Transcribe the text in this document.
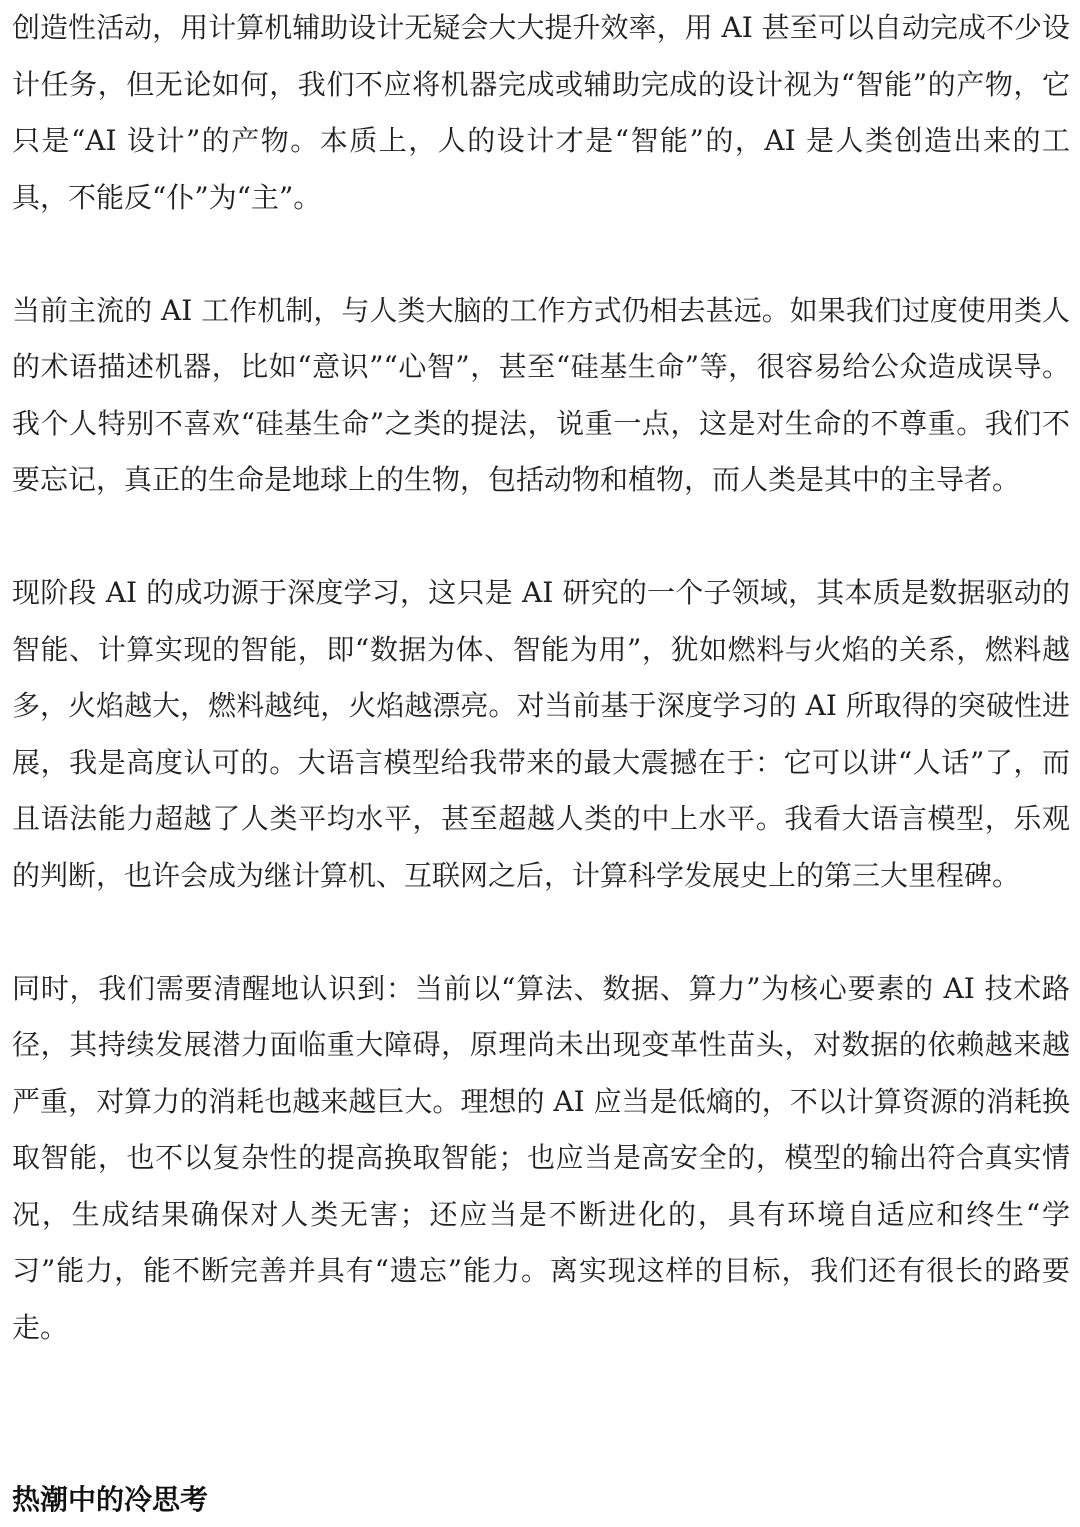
创造性活动，用计算机辅助设计无疑会大大提升效率，用 AI 甚至可以自动完成不少设计任务，但无论如何，我们不应将机器完成或辅助完成的设计视为“智能”的产物，它只是“AI 设计”的产物。本质上，人的设计才是“智能”的，AI 是人类创造出来的工具，不能反“仆”为“主”。

当前主流的 AI 工作机制，与人类大脑的工作方式仍相去甚远。如果我们过度使用类人的术语描述机器，比如“意识”“心智”，甚至“硅基生命”等，很容易给公众造成误导。我个人特别不喜欢“硅基生命”之类的提法，说重一点，这是对生命的不尊重。我们不要忘记，真正的生命是地球上的生物，包括动物和植物，而人类是其中的主导者。

现阶段 AI 的成功源于深度学习，这只是 AI 研究的一个子领域，其本质是数据驱动的智能、计算实现的智能，即“数据为体、智能为用”，犹如燃料与火焰的关系，燃料越多，火焰越大，燃料越纯，火焰越漂亮。对当前基于深度学习的 AI 所取得的突破性进展，我是高度认可的。大语言模型给我带来的最大震撼在于：它可以讲“人话”了，而且语法能力超越了人类平均水平，甚至超越人类的中上水平。我看大语言模型，乐观的判断，也许会成为继计算机、互联网之后，计算科学发展史上的第三大里程碑。

同时，我们需要清醒地认识到：当前以“算法、数据、算力”为核心要素的 AI 技术路径，其持续发展潜力面临重大障碍，原理尚未出现变革性苗头，对数据的依赖越来越严重，对算力的消耗也越来越巨大。理想的 AI 应当是低熵的，不以计算资源的消耗换取智能，也不以复杂性的提高换取智能；也应当是高安全的，模型的输出符合真实情况，生成结果确保对人类无害；还应当是不断进化的，具有环境自适应和终生“学习”能力，能不断完善并具有“遗忘”能力。离实现这样的目标，我们还有很长的路要走。

热潮中的冷思考
